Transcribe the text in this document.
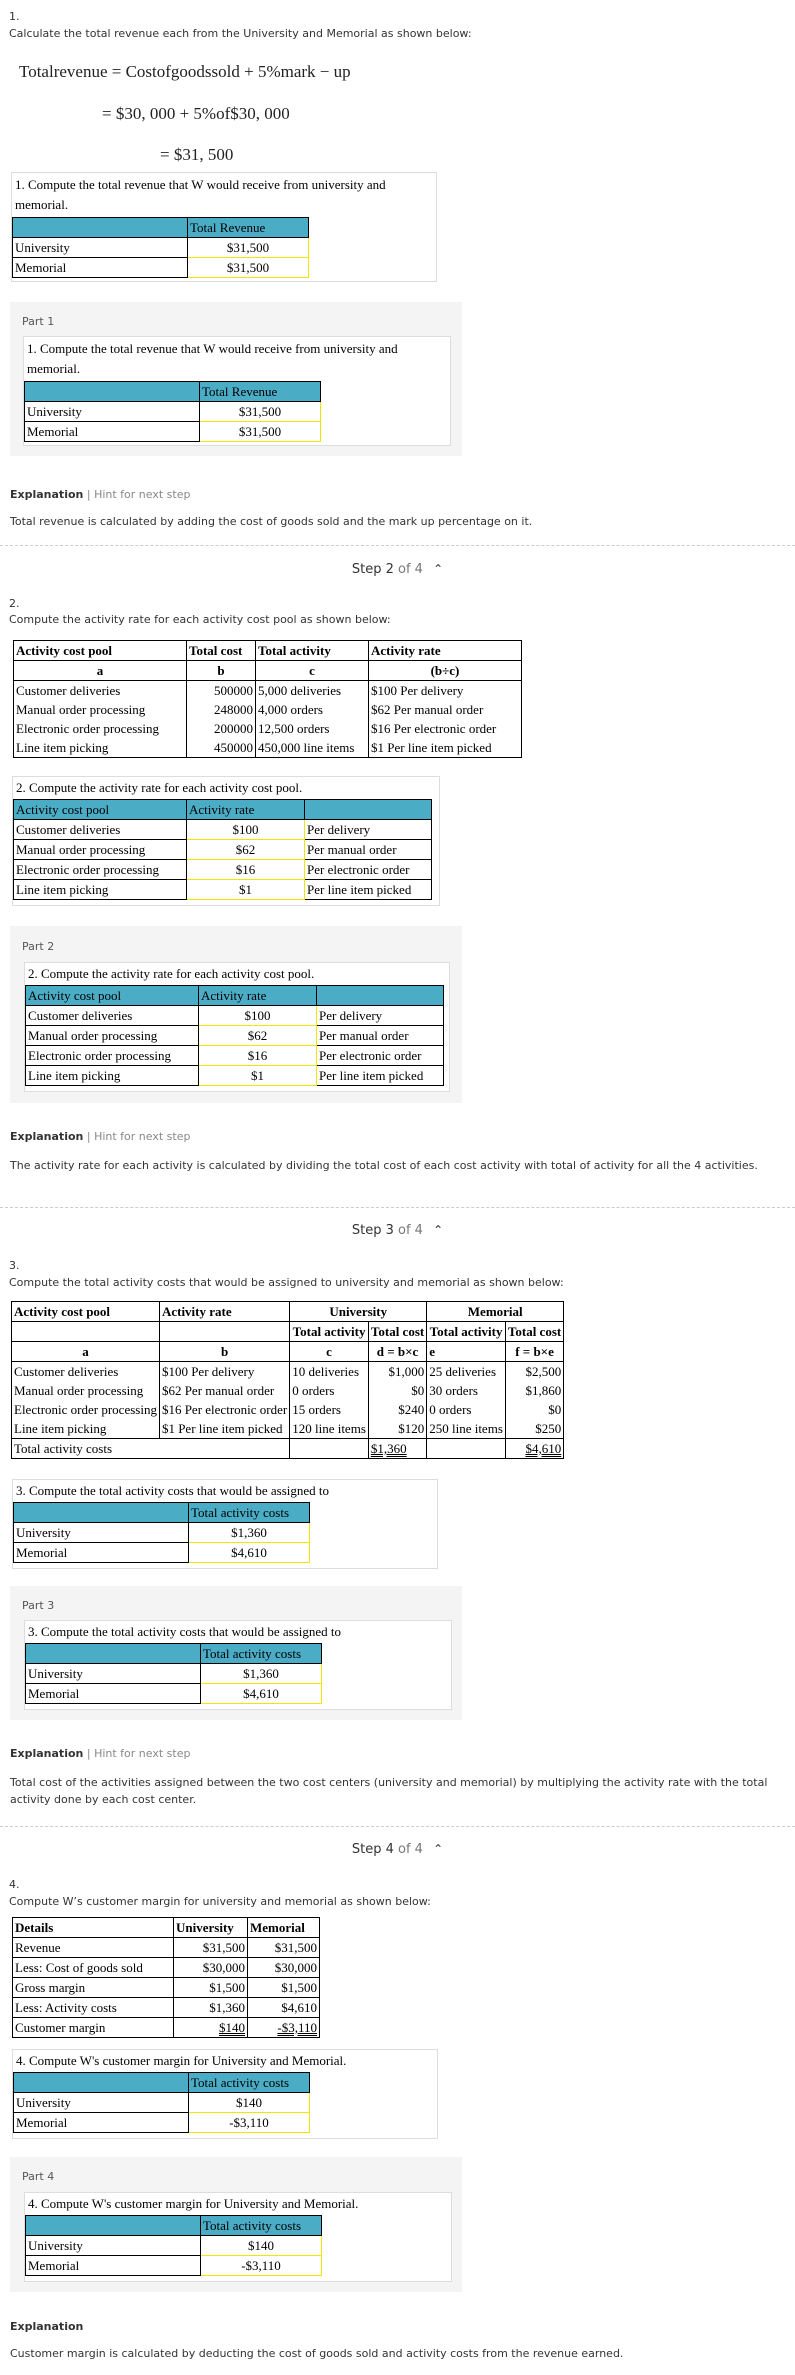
1.
Calculate the total revenue each from the University and Memorial as shown below:
Totalrevenue = Costofgoodssold + 5%mark − up
= $30, 000 + 5%of$30, 000
= $31, 500
1. Compute the total revenue that W would receive from university and memorial.
	Total Revenue
University	$31,500
Memorial	$31,500
Part 1
1. Compute the total revenue that W would receive from university and memorial.
	Total Revenue
University	$31,500
Memorial	$31,500
Explanation | Hint for next step
Total revenue is calculated by adding the cost of goods sold and the mark up percentage on it.
Step 2 of 4 ⌃
2.
Compute the activity rate for each activity cost pool as shown below:
Activity cost pool	Total cost	Total activity	Activity rate
a	b	c	(b÷c)
Customer deliveries	500000	5,000 deliveries	$100 Per delivery
Manual order processing	248000	4,000 orders	$62 Per manual order
Electronic order processing	200000	12,500 orders	$16 Per electronic order
Line item picking	450000	450,000 line items	$1 Per line item picked
2. Compute the activity rate for each activity cost pool.
Activity cost pool	Activity rate	
Customer deliveries	$100	Per delivery
Manual order processing	$62	Per manual order
Electronic order processing	$16	Per electronic order
Line item picking	$1	Per line item picked
Part 2
2. Compute the activity rate for each activity cost pool.
Activity cost pool	Activity rate	
Customer deliveries	$100	Per delivery
Manual order processing	$62	Per manual order
Electronic order processing	$16	Per electronic order
Line item picking	$1	Per line item picked
Explanation | Hint for next step
The activity rate for each activity is calculated by dividing the total cost of each cost activity with total of activity for all the 4 activities.
Step 3 of 4 ⌃
3.
Compute the total activity costs that would be assigned to university and memorial as shown below:
Activity cost pool	Activity rate	University		Memorial	
		Total activity	Total cost	Total activity	Total cost
a	b	c	d = b×c	e	f = b×e
Customer deliveries	$100 Per delivery	10 deliveries	$1,000	25 deliveries	$2,500
Manual order processing	$62 Per manual order	0 orders	$0	30 orders	$1,860
Electronic order processing	$16 Per electronic order	15 orders	$240	0 orders	$0
Line item picking	$1 Per line item picked	120 line items	$120	250 line items	$250
Total activity costs			$1,360		$4,610
3. Compute the total activity costs that would be assigned to
	Total activity costs
University	$1,360
Memorial	$4,610
Part 3
3. Compute the total activity costs that would be assigned to
	Total activity costs
University	$1,360
Memorial	$4,610
Explanation | Hint for next step
Total cost of the activities assigned between the two cost centers (university and memorial) by multiplying the activity rate with the total activity done by each cost center.
Step 4 of 4 ⌃
4.
Compute W’s customer margin for university and memorial as shown below:
Details	University	Memorial
Revenue	$31,500	$31,500
Less: Cost of goods sold	$30,000	$30,000
Gross margin	$1,500	$1,500
Less: Activity costs	$1,360	$4,610
Customer margin	$140	-$3,110
4. Compute W's customer margin for University and Memorial.
	Total activity costs
University	$140
Memorial	-$3,110
Part 4
4. Compute W's customer margin for University and Memorial.
	Total activity costs
University	$140
Memorial	-$3,110
Explanation
Customer margin is calculated by deducting the cost of goods sold and activity costs from the revenue earned.
